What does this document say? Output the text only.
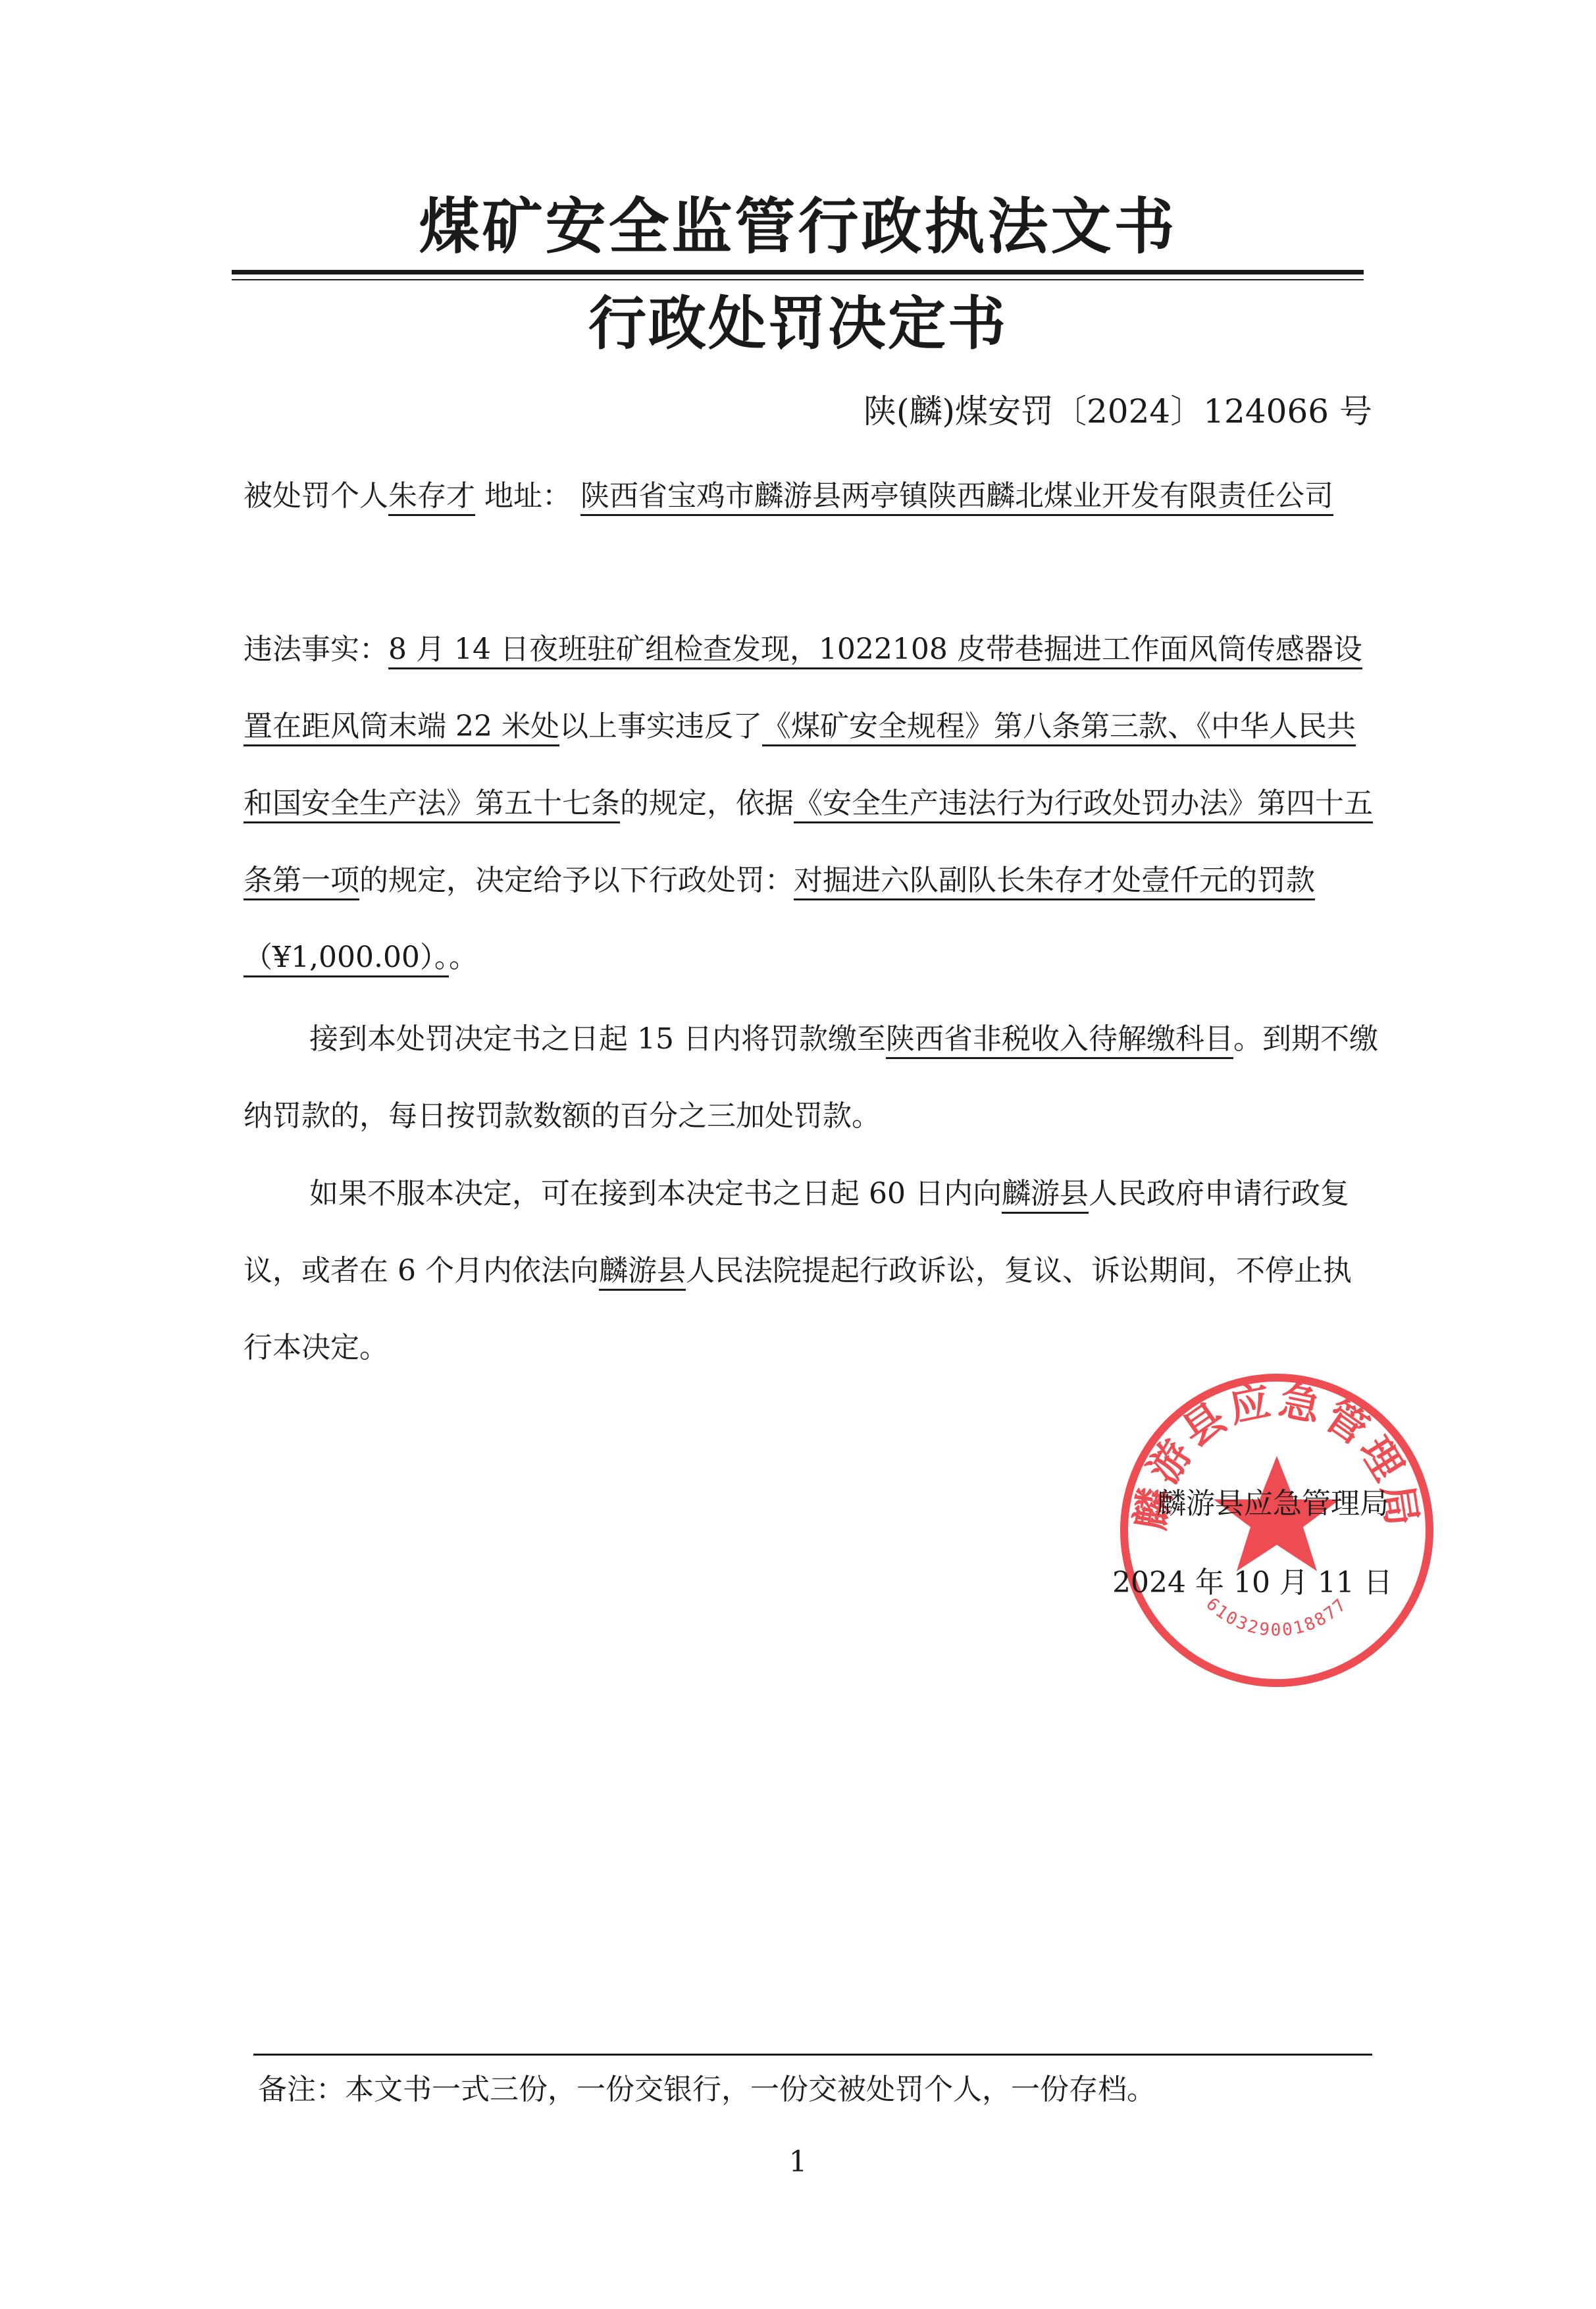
煤矿安全监管行政执法文书
行政处罚决定书
陕(麟)煤安罚〔2024〕124066 号
被处罚个人朱存才 地址： 陕西省宝鸡市麟游县两亭镇陕西麟北煤业开发有限责任公司
违法事实：8 月 14 日夜班驻矿组检查发现，1022108 皮带巷掘进工作面风筒传感器设置在距风筒末端 22 米处以上事实违反了《煤矿安全规程》第八条第三款、《中华人民共和国安全生产法》第五十七条的规定，依据《安全生产违法行为行政处罚办法》第四十五条第一项的规定，决定给予以下行政处罚：对掘进六队副队长朱存才处壹仟元的罚款（¥1,000.00）。。
接到本处罚决定书之日起 15 日内将罚款缴至陕西省非税收入待解缴科目。到期不缴纳罚款的，每日按罚款数额的百分之三加处罚款。
如果不服本决定，可在接到本决定书之日起 60 日内向麟游县人民政府申请行政复议，或者在 6 个月内依法向麟游县人民法院提起行政诉讼，复议、诉讼期间，不停止执行本决定。
麟游县应急管理局
6103290018877
麟游县应急管理局
2024 年 10 月 11 日
备注：本文书一式三份，一份交银行，一份交被处罚个人，一份存档。
1
